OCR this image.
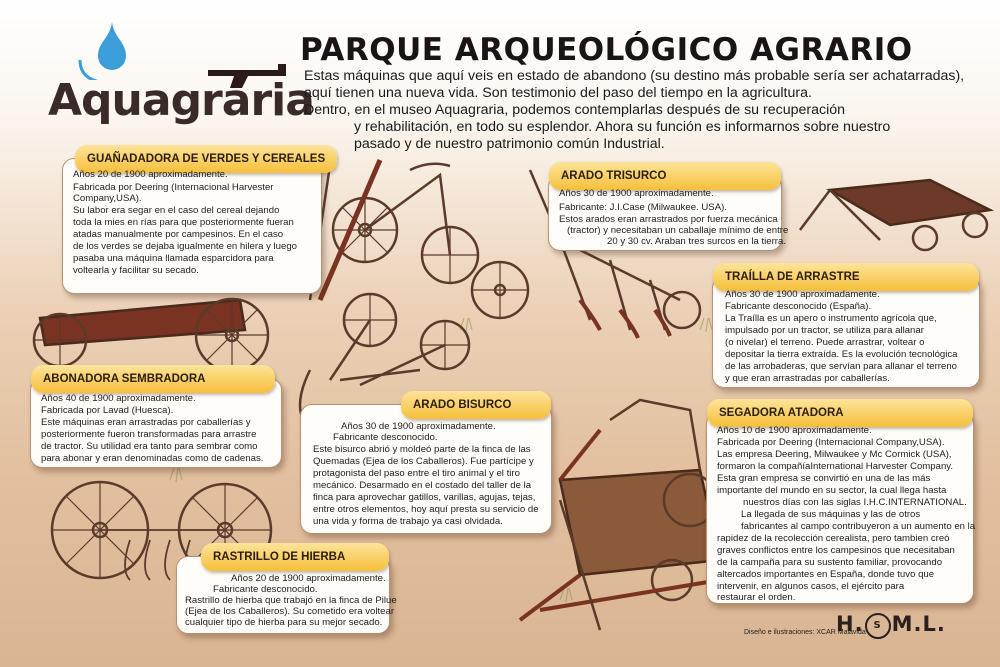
Aquagraria
PARQUE ARQUEOLÓGICO AGRARIO
Estas máquinas que aquí veis en estado de abandono (su destino más probable sería ser achatarradas),
aquí tienen una nueva vida. Son testimonio del paso del tiempo en la agricultura.
Dentro, en el museo Aquagraria, podemos contemplarlas después de su recuperación
y rehabilitación, en todo su esplendor. Ahora su función es informarnos sobre nuestro
pasado y de nuestro patrimonio común Industrial.
GUAÑADADORA DE VERDES Y CEREALES
Años 20 de 1900 aproximadamente.
Fabricada por Deering (Internacional Harvester
Company,USA).
Su labor era segar en el caso del cereal dejando
toda la mies en rías para que posteriormente fueran
atadas manualmente por campesinos. En el caso
de los verdes se dejaba igualmente en hilera y luego
pasaba una máquina llamada esparcidora para
voltearla y facilitar su secado.
ARADO TRISURCO
Años 30 de 1900 aproximadamente.
Fabricante: J.I.Case (Milwaukee. USA).
Estos arados eran arrastrados por fuerza mecánica
(tractor) y necesitaban un caballaje mínimo de entre
20 y 30 cv. Araban tres surcos en la tierra.
TRAÍLLA DE ARRASTRE
Años 30 de 1900 aproximadamente.
Fabricante desconocido (España).
La Traílla es un apero o instrumento agrícola que,
impulsado por un tractor, se utiliza para allanar
(o nivelar) el terreno. Puede arrastrar, voltear o
depositar la tierra extraída. Es la evolución tecnológica
de las arrobaderas, que servían para allanar el terreno
y que eran arrastradas por caballerías.
ABONADORA SEMBRADORA
Años 40 de 1900 aproximadamente.
Fabricada por Lavad (Huesca).
Este máquinas eran arrastradas por caballerías y
posteriormente fueron transformadas para arrastre
de tractor. Su utilidad era tanto para sembrar como
para abonar y eran denominadas como de cadenas.
ARADO BISURCO
Años 30 de 1900 aproximadamente.
Fabricante desconocido.
Este bisurco abrió y moldeó parte de la finca de las
Quemadas (Ejea de los Caballeros). Fue partícipe y
protagonista del paso entre el tiro animal y el tiro
mecánico. Desarmado en el costado del taller de la
finca para aprovechar gatillos, varillas, agujas, tejas,
entre otros elementos, hoy aquí presta su servicio de
una vida y forma de trabajo ya casi olvidada.
SEGADORA ATADORA
Años 10 de 1900 aproximadamente.
Fabricada por Deering (Internacional Company,USA).
Las empresa Deering, Milwaukee y Mc Cormick (USA),
formaron la compañíaInternational Harvester Company.
Esta gran empresa se convirtió en una de las más
importante del mundo en su sector, la cual llega hasta
nuestros días con las siglas I.H.C.INTERNATIONAL.
La llegada de sus máquinas y las de otros
fabricantes al campo contribuyeron a un aumento en la
rapidez de la recolección cerealista, pero tambien creó
graves conflictos entre los campesinos que necesitaban
de la campaña para su sustento familiar, provocando
altercados importantes en España, donde tuvo que
intervenir, en algunos casos, el ejército para
restaurar el orden.
RASTRILLO DE HIERBA
Años 20 de 1900 aproximadamente.
Fabricante desconocido.
Rastrillo de hierba que trabajó en la finca de Pilue
(Ejea de los Caballeros). Su cometido era voltear
cualquier tipo de hierba para su mejor secado.
Diseño e ilustraciones: XCAR Malavida
H. S M.L.
